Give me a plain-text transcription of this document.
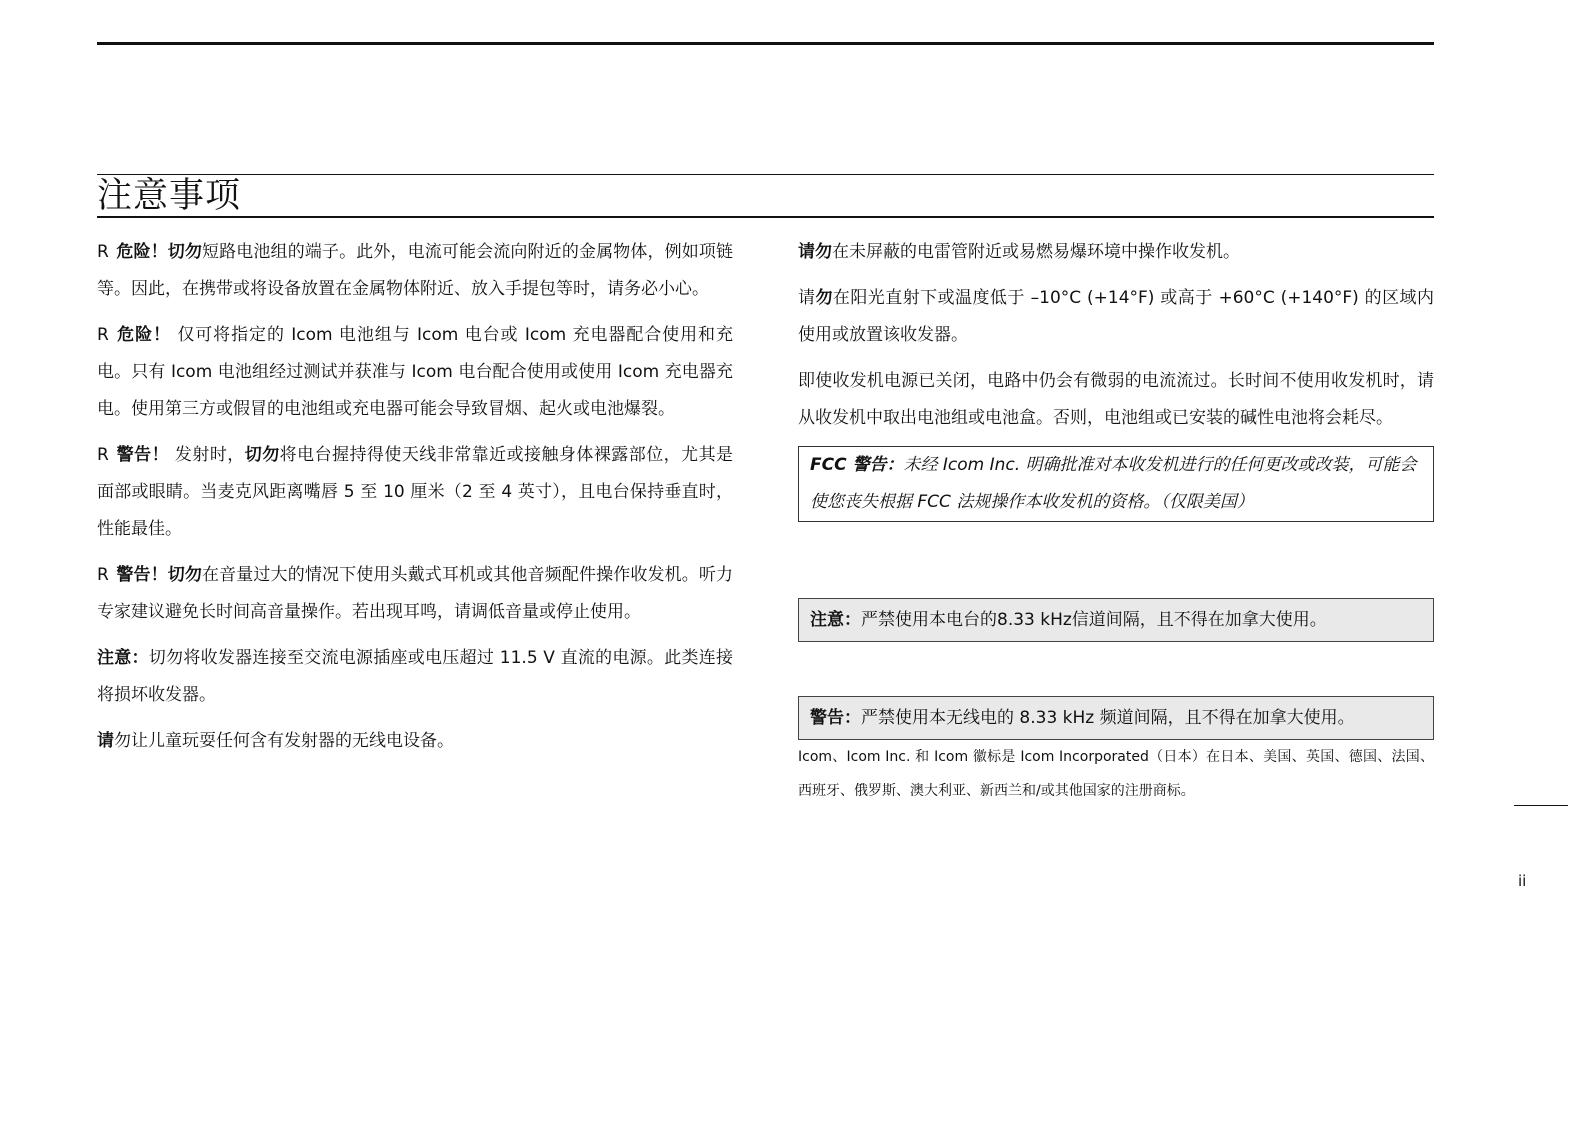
注意事项

R 危险！切勿短路电池组的端子。此外，电流可能会流向附近的金属物体，例如项链等。因此，在携带或将设备放置在金属物体附近、放入手提包等时，请务必小心。

R 危险！ 仅可将指定的 Icom 电池组与 Icom 电台或 Icom 充电器配合使用和充电。只有 Icom 电池组经过测试并获准与 Icom 电台配合使用或使用 Icom 充电器充电。使用第三方或假冒的电池组或充电器可能会导致冒烟、起火或电池爆裂。

R 警告！ 发射时，切勿将电台握持得使天线非常靠近或接触身体裸露部位，尤其是面部或眼睛。当麦克风距离嘴唇 5 至 10 厘米（2 至 4 英寸），且电台保持垂直时，性能最佳。

R 警告！切勿在音量过大的情况下使用头戴式耳机或其他音频配件操作收发机。听力专家建议避免长时间高音量操作。若出现耳鸣，请调低音量或停止使用。

注意：切勿将收发器连接至交流电源插座或电压超过 11.5 V 直流的电源。此类连接将损坏收发器。

请勿让儿童玩耍任何含有发射器的无线电设备。

请勿在未屏蔽的电雷管附近或易燃易爆环境中操作收发机。

请勿在阳光直射下或温度低于 –10°C (+14°F) 或高于 +60°C (+140°F) 的区域内使用或放置该收发器。

即使收发机电源已关闭，电路中仍会有微弱的电流流过。长时间不使用收发机时，请从收发机中取出电池组或电池盒。否则，电池组或已安装的碱性电池将会耗尽。

FCC 警告：未经 Icom Inc. 明确批准对本收发机进行的任何更改或改装，可能会使您丧失根据 FCC 法规操作本收发机的资格。（仅限美国）
注意：严禁使用本电台的8.33 kHz信道间隔，且不得在加拿大使用。
警告：严禁使用本无线电的 8.33 kHz 频道间隔，且不得在加拿大使用。

Icom、Icom Inc. 和 Icom 徽标是 Icom Incorporated（日本）在日本、美国、英国、德国、法国、西班牙、俄罗斯、澳大利亚、新西兰和/或其他国家的注册商标。

ii
